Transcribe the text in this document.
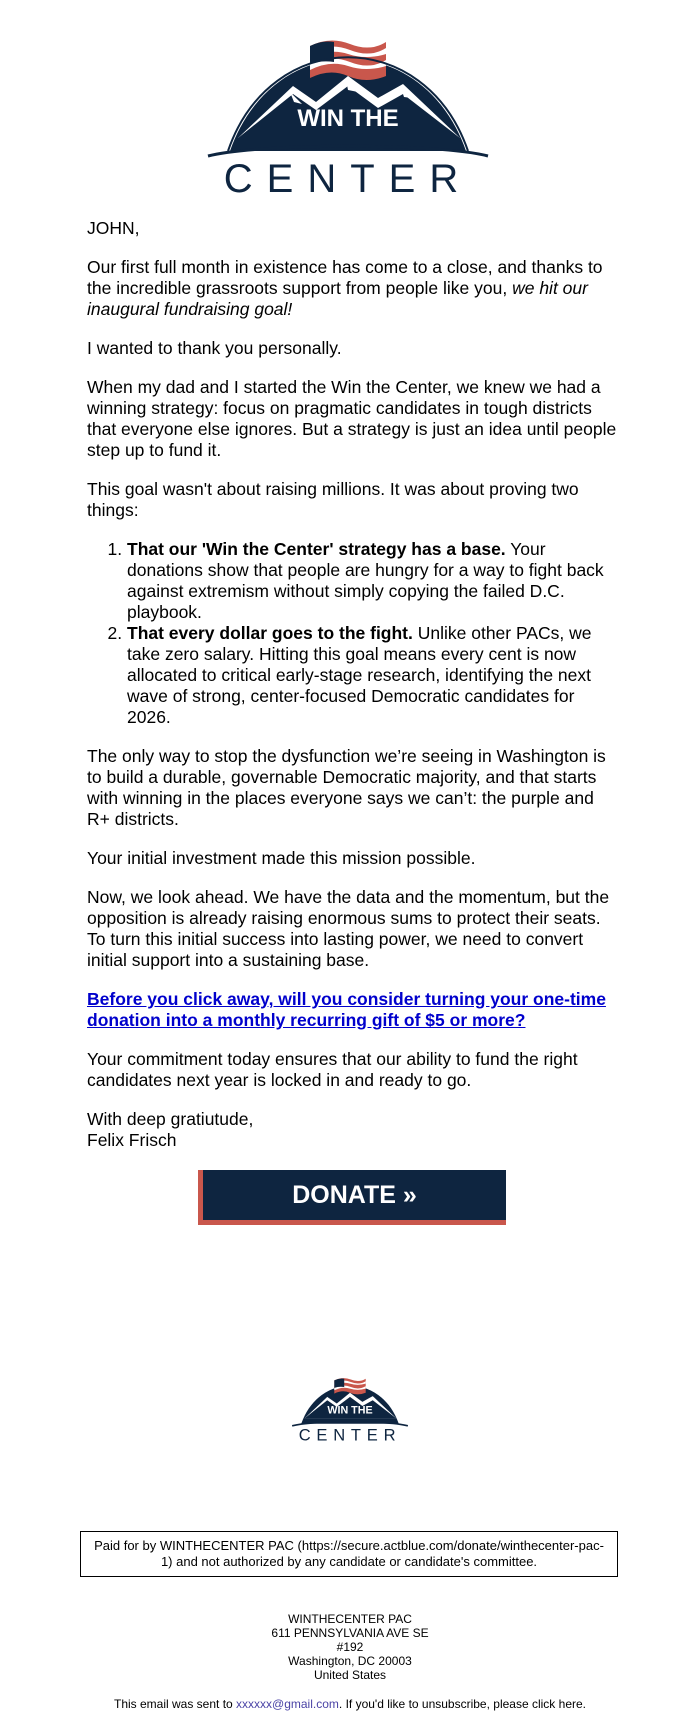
WIN THE
CENTER

JOHN,

Our first full month in existence has come to a close, and thanks to the incredible grassroots support from people like you, we hit our inaugural fundraising goal!

I wanted to thank you personally.

When my dad and I started the Win the Center, we knew we had a winning strategy: focus on pragmatic candidates in tough districts that everyone else ignores. But a strategy is just an idea until people step up to fund it.

This goal wasn't about raising millions. It was about proving two things:

1. That our 'Win the Center' strategy has a base. Your donations show that people are hungry for a way to fight back against extremism without simply copying the failed D.C. playbook.
2. That every dollar goes to the fight. Unlike other PACs, we take zero salary. Hitting this goal means every cent is now allocated to critical early-stage research, identifying the next wave of strong, center-focused Democratic candidates for 2026.

The only way to stop the dysfunction we’re seeing in Washington is to build a durable, governable Democratic majority, and that starts with winning in the places everyone says we can’t: the purple and R+ districts.

Your initial investment made this mission possible.

Now, we look ahead. We have the data and the momentum, but the opposition is already raising enormous sums to protect their seats. To turn this initial success into lasting power, we need to convert initial support into a sustaining base.

Before you click away, will you consider turning your one-time donation into a monthly recurring gift of $5 or more?

Your commitment today ensures that our ability to fund the right candidates next year is locked in and ready to go.

With deep gratiutude,
Felix Frisch

DONATE »
WIN THE
CENTER
Paid for by WINTHECENTER PAC (https://secure.actblue.com/donate/winthecenter-pac-1) and not authorized by any candidate or candidate's committee.
WINTHECENTER PAC
611 PENNSYLVANIA AVE SE
#192
Washington, DC 20003
United States
This email was sent to xxxxxx@gmail.com. If you'd like to unsubscribe, please click here.
